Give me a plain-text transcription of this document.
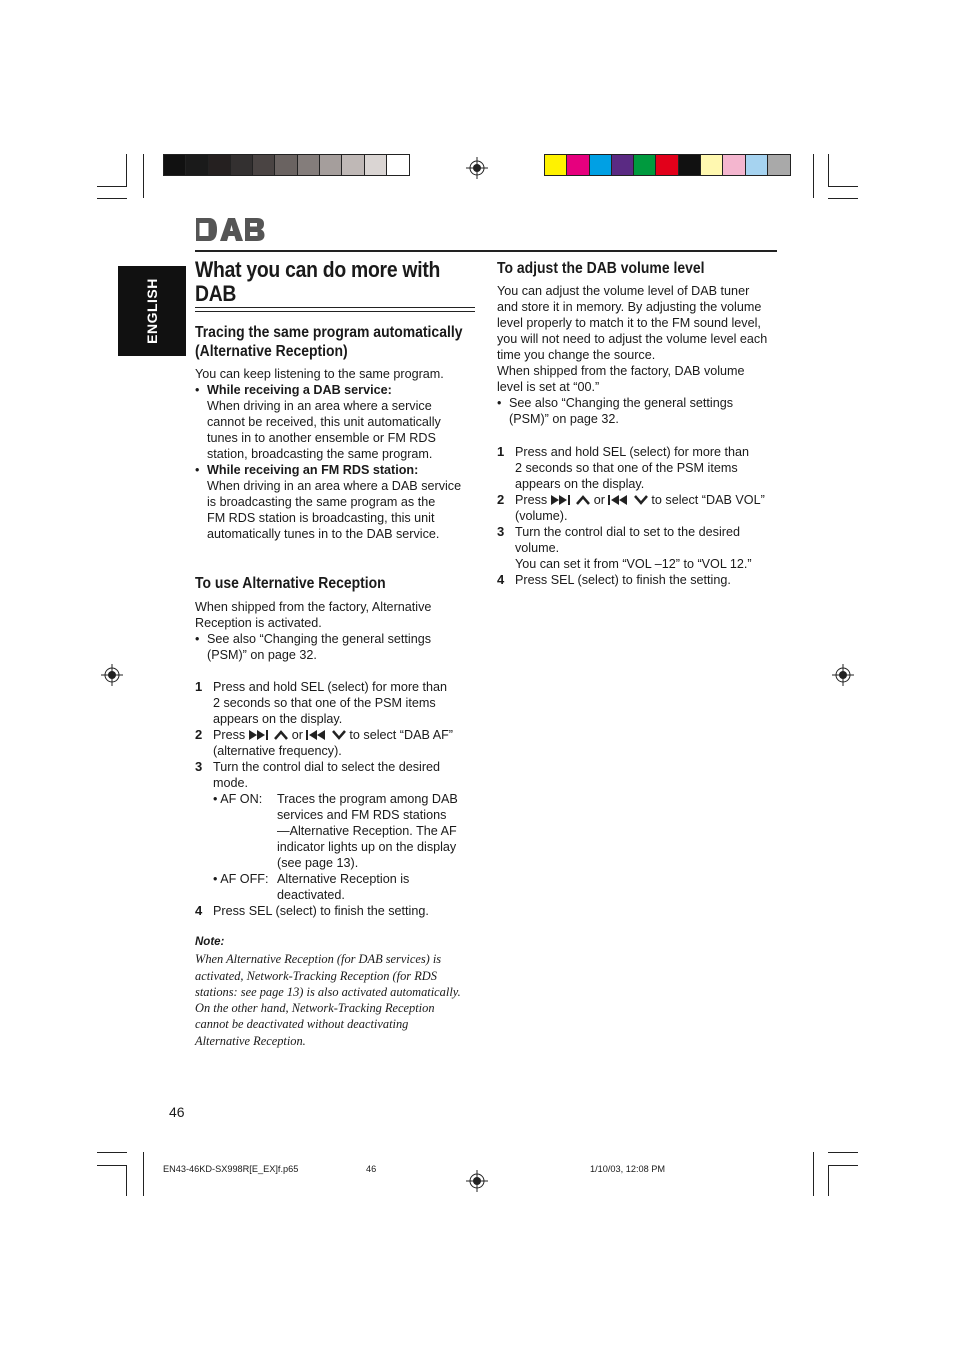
DAB
ENGLISH
What you can do more with
DAB
Tracing the same program automatically
(Alternative Reception)
You can keep listening to the same program.
• While receiving a DAB service:
When driving in an area where a service
cannot be received, this unit automatically
tunes in to another ensemble or FM RDS
station, broadcasting the same program.
• While receiving an FM RDS station:
When driving in an area where a DAB service
is broadcasting the same program as the
FM RDS station is broadcasting, this unit
automatically tunes in to the DAB service.
To use Alternative Reception
When shipped from the factory, Alternative
Reception is activated.
• See also “Changing the general settings
(PSM)” on page 32.
1 Press and hold SEL (select) for more than
2 seconds so that one of the PSM items
appears on the display.
2 Press	or	to select “DAB AF”
(alternative frequency).
3 Turn the control dial to select the desired
mode.
• AF ON:	Traces the program among DAB
services and FM RDS stations
—Alternative Reception. The AF
indicator lights up on the display
(see page 13).
• AF OFF: Alternative Reception is
deactivated.
4 Press SEL (select) to finish the setting.
Note:
When Alternative Reception (for DAB services) is
activated, Network-Tracking Reception (for RDS
stations: see page 13) is also activated automatically.
On the other hand, Network-Tracking Reception
cannot be deactivated without deactivating
Alternative Reception.
To adjust the DAB volume level
You can adjust the volume level of DAB tuner
and store it in memory. By adjusting the volume
level properly to match it to the FM sound level,
you will not need to adjust the volume level each
time you change the source.
When shipped from the factory, DAB volume
level is set at “00.”
• See also “Changing the general settings
(PSM)” on page 32.
1 Press and hold SEL (select) for more than
2 seconds so that one of the PSM items
appears on the display.
2 Press	or	to select “DAB VOL”
(volume).
3 Turn the control dial to set to the desired
volume.
You can set it from “VOL –12” to “VOL 12.”
4 Press SEL (select) to finish the setting.
46
EN43-46KD-SX998R[E_EX]f.p65	46	1/10/03, 12:08 PM
